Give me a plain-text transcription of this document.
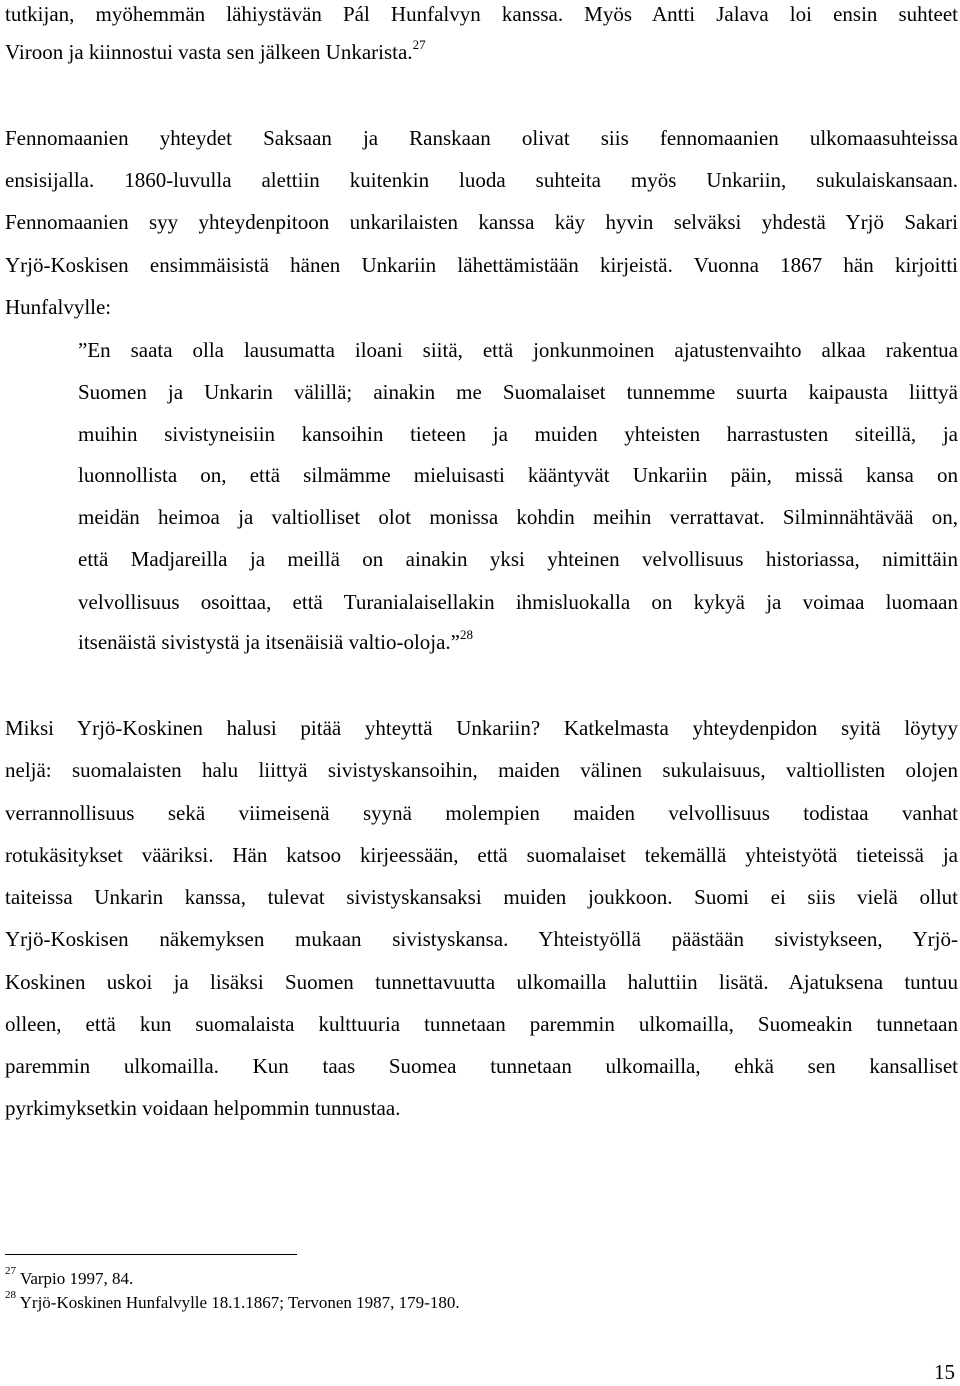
tutkijan, myöhemmän lähiystävän Pál Hunfalvyn kanssa. Myös Antti Jalava loi ensin suhteet

Viroon ja kiinnostui vasta sen jälkeen Unkarista.$^{27}$

Fennomaanien yhteydet Saksaan ja Ranskaan olivat siis fennomaanien ulkomaasuhteissa

ensisijalla. 1860-luvulla alettiin kuitenkin luoda suhteita myös Unkariin, sukulaiskansaan.

Fennomaanien syy yhteydenpitoon unkarilaisten kanssa käy hyvin selväksi yhdestä Yrjö Sakari

Yrjö-Koskisen ensimmäisistä hänen Unkariin lähettämistään kirjeistä. Vuonna 1867 hän kirjoitti

Hunfalvylle:

”En saata olla lausumatta iloani siitä, että jonkunmoinen ajatustenvaihto alkaa rakentua

Suomen ja Unkarin välillä; ainakin me Suomalaiset tunnemme suurta kaipausta liittyä

muihin sivistyneisiin kansoihin tieteen ja muiden yhteisten harrastusten siteillä, ja

luonnollista on, että silmämme mieluisasti kääntyvät Unkariin päin, missä kansa on

meidän heimoa ja valtiolliset olot monissa kohdin meihin verrattavat. Silminnähtävää on,

että Madjareilla ja meillä on ainakin yksi yhteinen velvollisuus historiassa, nimittäin

velvollisuus osoittaa, että Turanialaisellakin ihmisluokalla on kykyä ja voimaa luomaan

itsenäistä sivistystä ja itsenäisiä valtio-oloja.”$^{28}$

Miksi Yrjö-Koskinen halusi pitää yhteyttä Unkariin? Katkelmasta yhteydenpidon syitä löytyy

neljä: suomalaisten halu liittyä sivistyskansoihin, maiden välinen sukulaisuus, valtiollisten olojen

verrannollisuus sekä viimeisenä syynä molempien maiden velvollisuus todistaa vanhat

rotukäsitykset vääriksi. Hän katsoo kirjeessään, että suomalaiset tekemällä yhteistyötä tieteissä ja

taiteissa Unkarin kanssa, tulevat sivistyskansaksi muiden joukkoon. Suomi ei siis vielä ollut

Yrjö-Koskisen näkemyksen mukaan sivistyskansa. Yhteistyöllä päästään sivistykseen, Yrjö-

Koskinen uskoi ja lisäksi Suomen tunnettavuutta ulkomailla haluttiin lisätä. Ajatuksena tuntuu

olleen, että kun suomalaista kulttuuria tunnetaan paremmin ulkomailla, Suomeakin tunnetaan

paremmin ulkomailla. Kun taas Suomea tunnetaan ulkomailla, ehkä sen kansalliset

pyrkimyksetkin voidaan helpommin tunnustaa.

$^{27}$ Varpio 1997, 84.

$^{28}$ Yrjö-Koskinen Hunfalvylle 18.1.1867; Tervonen 1987, 179-180.

15
